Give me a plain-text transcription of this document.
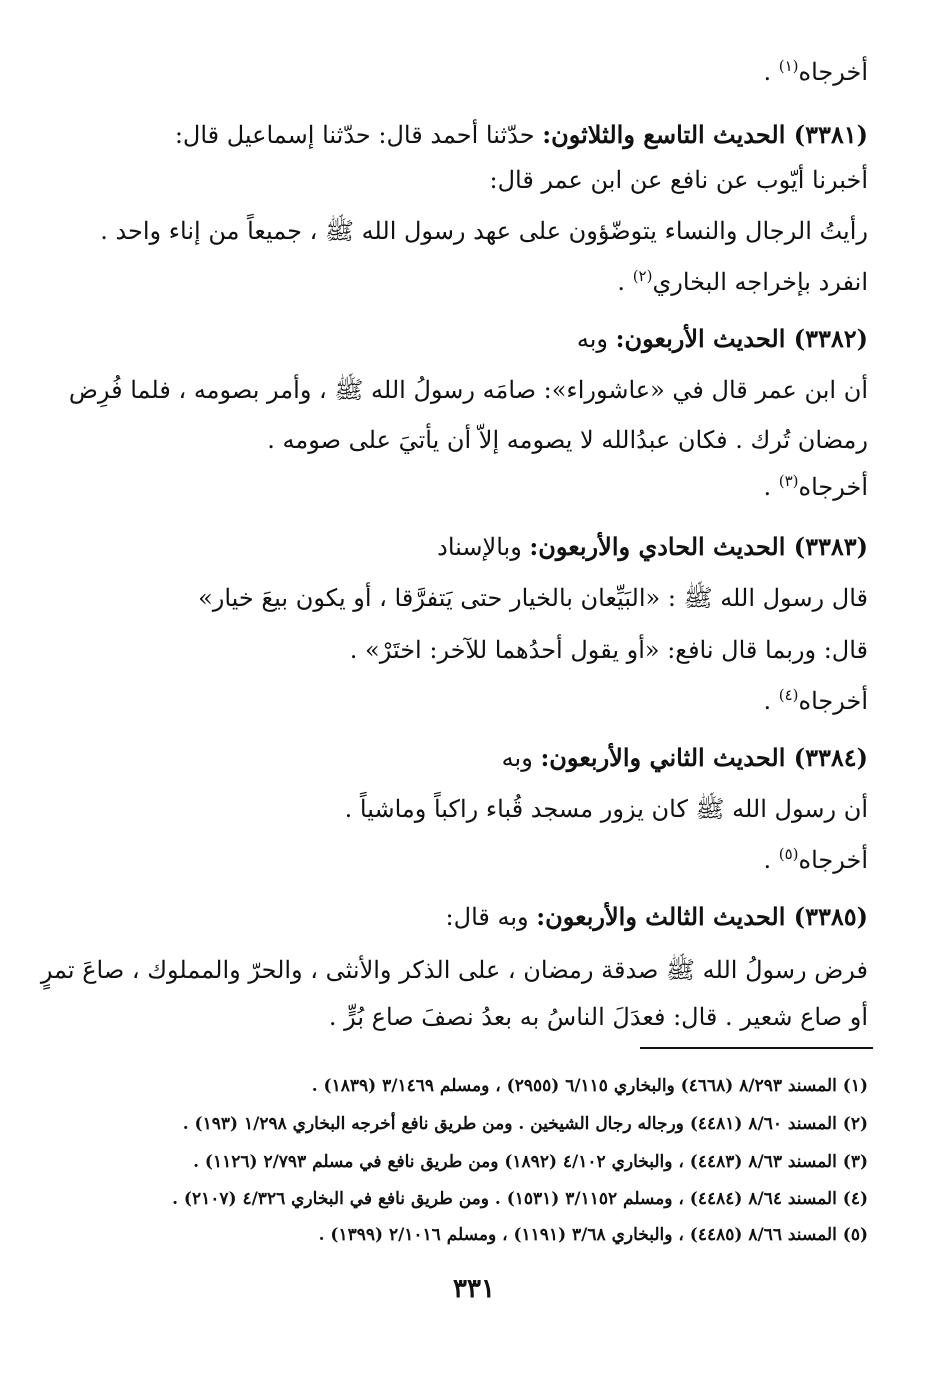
أخرجاه$^{(١)}$ .
(٣٣٨١) الحديث التاسع والثلاثون: حدّثنا أحمد قال: حدّثنا إسماعيل قال:
أخبرنا أيّوب عن نافع عن ابن عمر قال:
رأيتُ الرجال والنساء يتوضّؤون على عهد رسول الله ﷺ ، جميعاً من إناء واحد .
انفرد بإخراجه البخاري$^{(٢)}$ .
(٣٣٨٢) الحديث الأربعون: وبه
أن ابن عمر قال في «عاشوراء»: صامَه رسولُ الله ﷺ ، وأمر بصومه ، فلما فُرِض
رمضان تُرك . فكان عبدُالله لا يصومه إلاّ أن يأتيَ على صومه .
أخرجاه$^{(٣)}$ .
(٣٣٨٣) الحديث الحادي والأربعون: وبالإسناد
قال رسول الله ﷺ : «البَيِّعان بالخيار حتى يَتفرَّقا ، أو يكون بيعَ خيار»
قال: وربما قال نافع: «أو يقول أحدُهما للآخر: اختَرْ» .
أخرجاه$^{(٤)}$ .
(٣٣٨٤) الحديث الثاني والأربعون: وبه
أن رسول الله ﷺ كان يزور مسجد قُباء راكباً وماشياً .
أخرجاه$^{(٥)}$ .
(٣٣٨٥) الحديث الثالث والأربعون: وبه قال:
فرض رسولُ الله ﷺ صدقة رمضان ، على الذكر والأنثى ، والحرّ والمملوك ، صاعَ تمرٍ
أو صاع شعير . قال: فعدَلَ الناسُ به بعدُ نصفَ صاع بُرٍّ .
(١) المسند ٨/٢٩٣ (٤٦٦٨) والبخاري ٦/١١٥ (٢٩٥٥) ، ومسلم ٣/١٤٦٩ (١٨٣٩) .
(٢) المسند ٨/٦٠ (٤٤٨١) ورجاله رجال الشيخين . ومن طريق نافع أخرجه البخاري ١/٢٩٨ (١٩٣) .
(٣) المسند ٨/٦٣ (٤٤٨٣) ، والبخاري ٤/١٠٢ (١٨٩٢) ومن طريق نافع في مسلم ٢/٧٩٣ (١١٢٦) .
(٤) المسند ٨/٦٤ (٤٤٨٤) ، ومسلم ٣/١١٥٢ (١٥٣١) . ومن طريق نافع في البخاري ٤/٣٢٦ (٢١٠٧) .
(٥) المسند ٨/٦٦ (٤٤٨٥) ، والبخاري ٣/٦٨ (١١٩١) ، ومسلم ٢/١٠١٦ (١٣٩٩) .
٣٣١
